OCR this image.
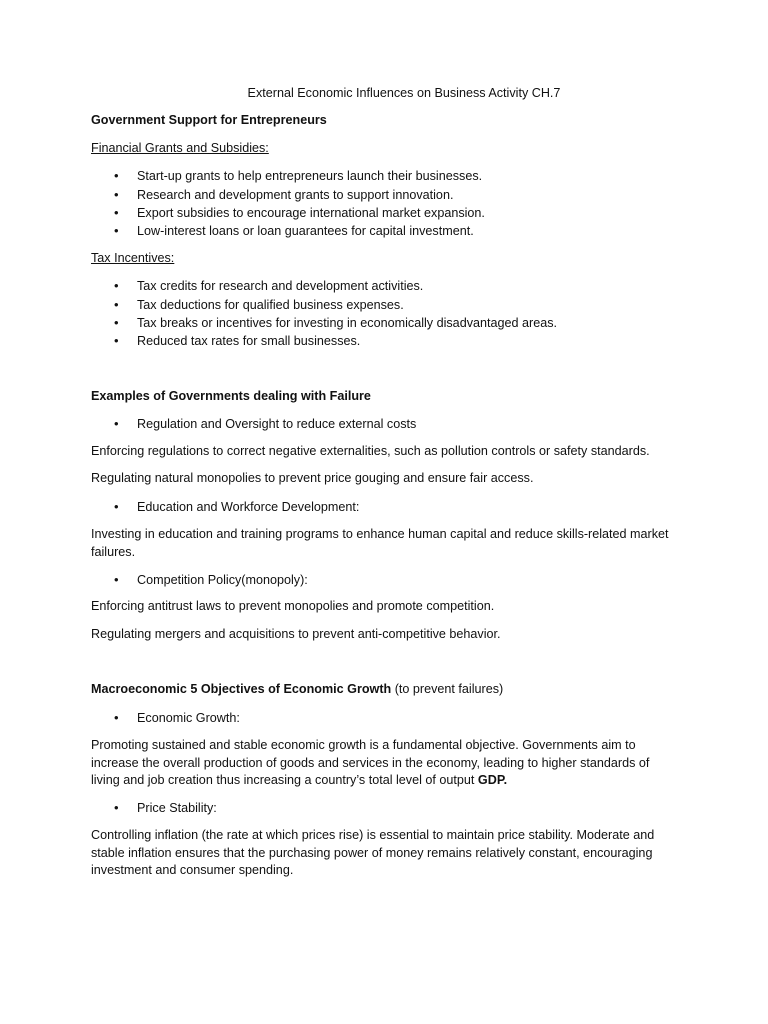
External Economic Influences on Business Activity CH.7
Government Support for Entrepreneurs
Financial Grants and Subsidies:
• Start-up grants to help entrepreneurs launch their businesses.
• Research and development grants to support innovation.
• Export subsidies to encourage international market expansion.
• Low-interest loans or loan guarantees for capital investment.
Tax Incentives:
• Tax credits for research and development activities.
• Tax deductions for qualified business expenses.
• Tax breaks or incentives for investing in economically disadvantaged areas.
• Reduced tax rates for small businesses.
Examples of Governments dealing with Failure
• Regulation and Oversight to reduce external costs
Enforcing regulations to correct negative externalities, such as pollution controls or safety standards.
Regulating natural monopolies to prevent price gouging and ensure fair access.
• Education and Workforce Development:
Investing in education and training programs to enhance human capital and reduce skills-related market failures.
• Competition Policy(monopoly):
Enforcing antitrust laws to prevent monopolies and promote competition.
Regulating mergers and acquisitions to prevent anti-competitive behavior.
Macroeconomic 5 Objectives of Economic Growth (to prevent failures)
• Economic Growth:
Promoting sustained and stable economic growth is a fundamental objective. Governments aim to increase the overall production of goods and services in the economy, leading to higher standards of living and job creation thus increasing a country’s total level of output GDP.
• Price Stability:
Controlling inflation (the rate at which prices rise) is essential to maintain price stability. Moderate and stable inflation ensures that the purchasing power of money remains relatively constant, encouraging investment and consumer spending.
